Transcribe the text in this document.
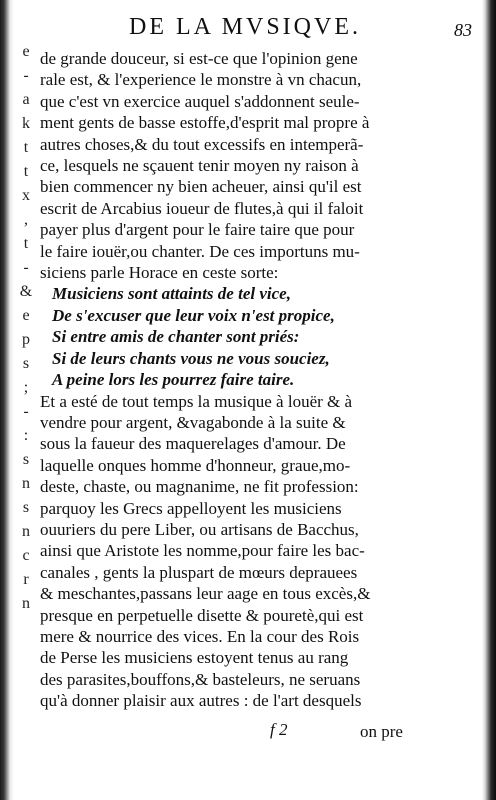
e
-
a
k
t
t
x
,
t
-
&
e
p
s
;
-
:
s
n
s
n
c
r
n
DE LA MVSIQVE.	83
de grande douceur, si est-ce que l'opinion gene
rale est, & l'experience le monstre à vn chacun,
que c'est vn exercice auquel s'addonnent seule-
ment gents de basse estoffe,d'esprit mal propre à
autres choses,& du tout excessifs en intemperã-
ce, lesquels ne sçauent tenir moyen ny raison à
bien commencer ny bien acheuer, ainsi qu'il est
escrit de Arcabius ioueur de flutes,à qui il faloit
payer plus d'argent pour le faire taire que pour
le faire iouër,ou chanter. De ces importuns mu-
siciens parle Horace en ceste sorte:
Musiciens sont attaints de tel vice,
De s'excuser que leur voix n'est propice,
Si entre amis de chanter sont priés:
Si de leurs chants vous ne vous souciez,
A peine lors les pourrez faire taire.
Et a esté de tout temps la musique à louër & à
vendre pour argent, &vagabonde à la suite &
sous la faueur des maquerelages d'amour. De
laquelle onques homme d'honneur, graue,mo-
deste, chaste, ou magnanime, ne fit profession:
parquoy les Grecs appelloyent les musiciens
ouuriers du pere Liber, ou artisans de Bacchus,
ainsi que Aristote les nomme,pour faire les bac-
canales , gents la pluspart de mœurs deprauees
& meschantes,passans leur aage en tous excès,&
presque en perpetuelle disette & pouretè,qui est
mere & nourrice des vices. En la cour des Rois
de Perse les musiciens estoyent tenus au rang
des parasites,bouffons,& basteleurs, ne seruans
qu'à donner plaisir aux autres : de l'art desquels
f 2	on pre
